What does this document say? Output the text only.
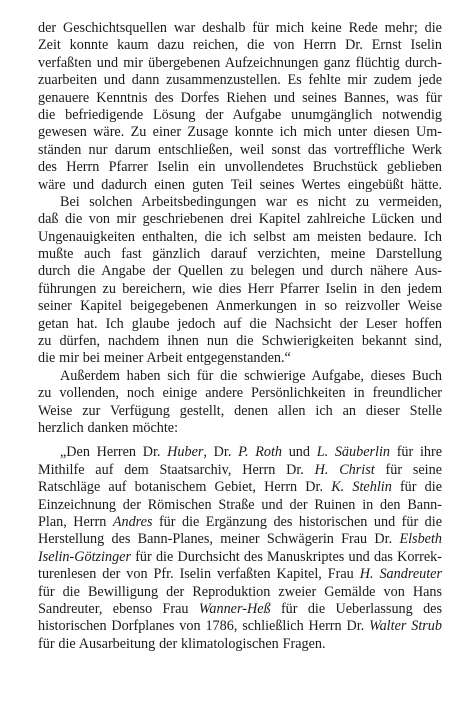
der Geschichtsquellen war deshalb für mich keine Rede mehr; die
Zeit konnte kaum dazu reichen, die von Herrn Dr. Ernst Iselin
verfaßten und mir übergebenen Aufzeichnungen ganz flüchtig durch-
zuarbeiten und dann zusammenzustellen. Es fehlte mir zudem jede
genauere Kenntnis des Dorfes Riehen und seines Bannes, was für
die befriedigende Lösung der Aufgabe unumgänglich notwendig
gewesen wäre. Zu einer Zusage konnte ich mich unter diesen Um-
ständen nur darum entschließen, weil sonst das vortreffliche Werk
des Herrn Pfarrer Iselin ein unvollendetes Bruchstück geblieben
wäre und dadurch einen guten Teil seines Wertes eingebüßt hätte.
Bei solchen Arbeitsbedingungen war es nicht zu vermeiden,
daß die von mir geschriebenen drei Kapitel zahlreiche Lücken und
Ungenauigkeiten enthalten, die ich selbst am meisten bedaure. Ich
mußte auch fast gänzlich darauf verzichten, meine Darstellung
durch die Angabe der Quellen zu belegen und durch nähere Aus-
führungen zu bereichern, wie dies Herr Pfarrer Iselin in den jedem
seiner Kapitel beigegebenen Anmerkungen in so reizvoller Weise
getan hat. Ich glaube jedoch auf die Nachsicht der Leser hoffen
zu dürfen, nachdem ihnen nun die Schwierigkeiten bekannt sind,
die mir bei meiner Arbeit entgegenstanden.“
Außerdem haben sich für die schwierige Aufgabe, dieses Buch
zu vollenden, noch einige andere Persönlichkeiten in freundlicher
Weise zur Verfügung gestellt, denen allen ich an dieser Stelle
herzlich danken möchte:
„Den Herren Dr. Huber, Dr. P. Roth und L. Säuberlin für ihre
Mithilfe auf dem Staatsarchiv, Herrn Dr. H. Christ für seine
Ratschläge auf botanischem Gebiet, Herrn Dr. K. Stehlin für die
Einzeichnung der Römischen Straße und der Ruinen in den Bann-
Plan, Herrn Andres für die Ergänzung des historischen und für die
Herstellung des Bann-Planes, meiner Schwägerin Frau Dr. Elsbeth
Iselin-Götzinger für die Durchsicht des Manuskriptes und das Korrek-
turenlesen der von Pfr. Iselin verfaßten Kapitel, Frau H. Sandreuter
für die Bewilligung der Reproduktion zweier Gemälde von Hans
Sandreuter, ebenso Frau Wanner-Heß für die Ueberlassung des
historischen Dorfplanes von 1786, schließlich Herrn Dr. Walter Strub
für die Ausarbeitung der klimatologischen Fragen.
